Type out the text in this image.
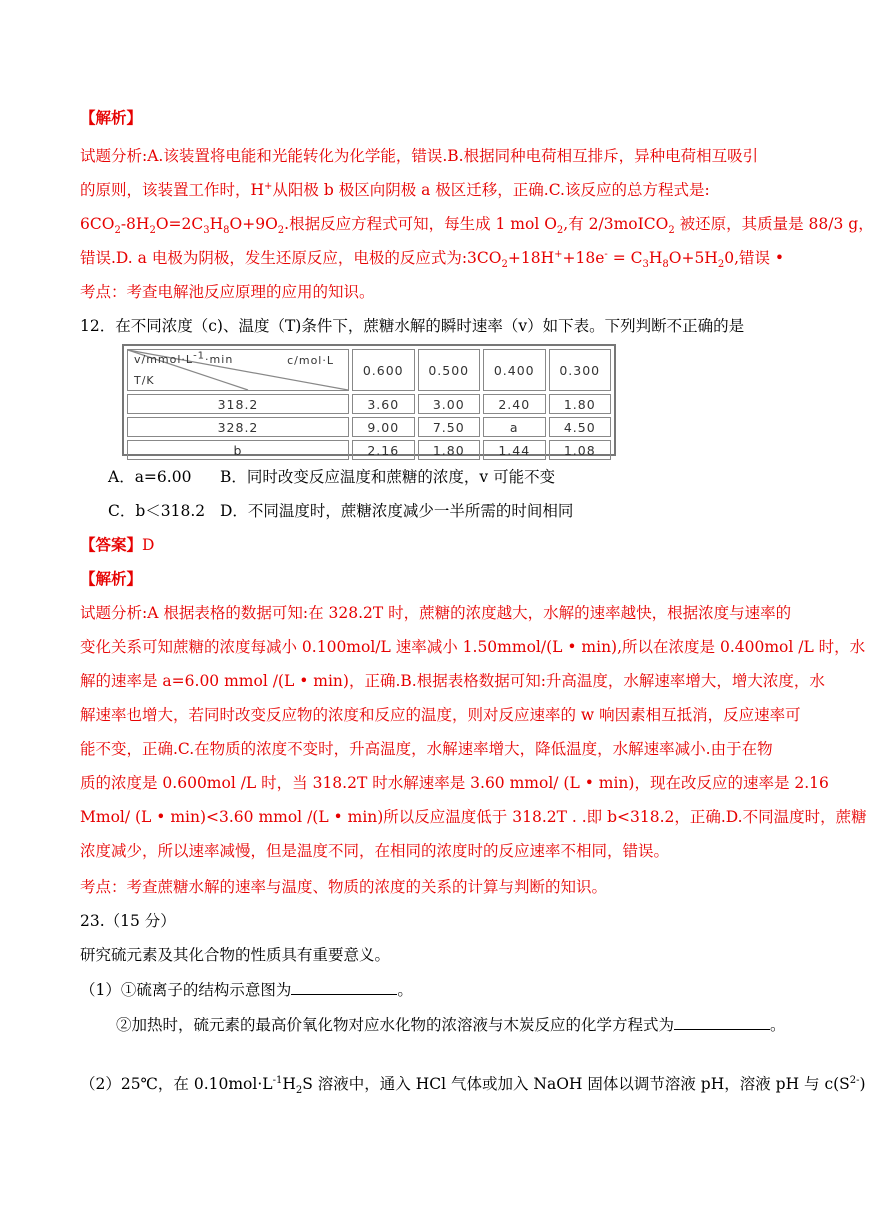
【解析】
试题分析:A.该装置将电能和光能转化为化学能，错误.B.根据同种电荷相互排斥，异种电荷相互吸引
的原则，该装置工作时，H+从阳极 b 极区向阴极 a 极区迁移，正确.C.该反应的总方程式是:
$6CO_2-8H_2O=2C_3H_8O+9O_2$.根据反应方程式可知，每生成 1 mol $O_2$,有 2/3moICO$_2$ 被还原，其质量是 88/3 g，
错误.D. a 电极为阴极，发生还原反应，电极的反应式为$:3CO_2+18H^++18e^- = C_3H_8O+5H_20$,错误 •
考点：考查电解池反应原理的应用的知识。
12．在不同浓度（c)、温度（T)条件下，蔗糖水解的瞬时速率（v）如下表。下列判断不正确的是
$v/mmol\cdot L^{-1}\cdot\min$ c/mol·L
T/K	0.600	0.500	0.400	0.300
318.2	3.60	3.00	2.40	1.80
328.2	9.00	7.50	a	4.50
b	2.16	1.80	1.44	1.08
A．a=6.00 B．同时改变反应温度和蔗糖的浓度，v 可能不变
C．b＜318.2 D．不同温度时，蔗糖浓度减少一半所需的时间相同
【答案】D
【解析】
试题分析:A 根据表格的数据可知:在 328.2T 时，蔗糖的浓度越大，水解的速率越快，根据浓度与速率的
变化关系可知蔗糖的浓度每减小 0.100mol/L 速率减小 1.50mmol/(L • min),所以在浓度是 0.400mol /L 时，水
解的速率是 a=6.00 mmol /(L • min)，正确.B.根据表格数据可知:升高温度，水解速率增大，增大浓度，水
解速率也增大，若同时改变反应物的浓度和反应的温度，则对反应速率的 w 响因素相互抵消，反应速率可
能不变，正确.C.在物质的浓度不变时，升高温度，水解速率增大，降低温度，水解速率减小.由于在物
质的浓度是 0.600mol /L 时，当 318.2T 时水解速率是 3.60 mmol/ (L • min)，现在改反应的速率是 2.16
Mmol/ (L • min)<3.60 mmol /(L • min)所以反应温度低于 318.2T . .即 b<318.2，正确.D.不同温度时，蔗糖
浓度减少，所以速率减慢，但是温度不同，在相同的浓度时的反应速率不相同，错误。
考点：考查蔗糖水解的速率与温度、物质的浓度的关系的计算与判断的知识。
23.（15 分）
研究硫元素及其化合物的性质具有重要意义。
（1）①硫离子的结构示意图为	。
②加热时，硫元素的最高价氧化物对应水化物的浓溶液与木炭反应的化学方程式为	。
（2）25℃，在 $0.10mol\cdot L^{-1}H_2S$ 溶液中，通入 HCl 气体或加入 NaOH 固体以调节溶液 pH，溶液 pH 与 $c(S^{2-})$
